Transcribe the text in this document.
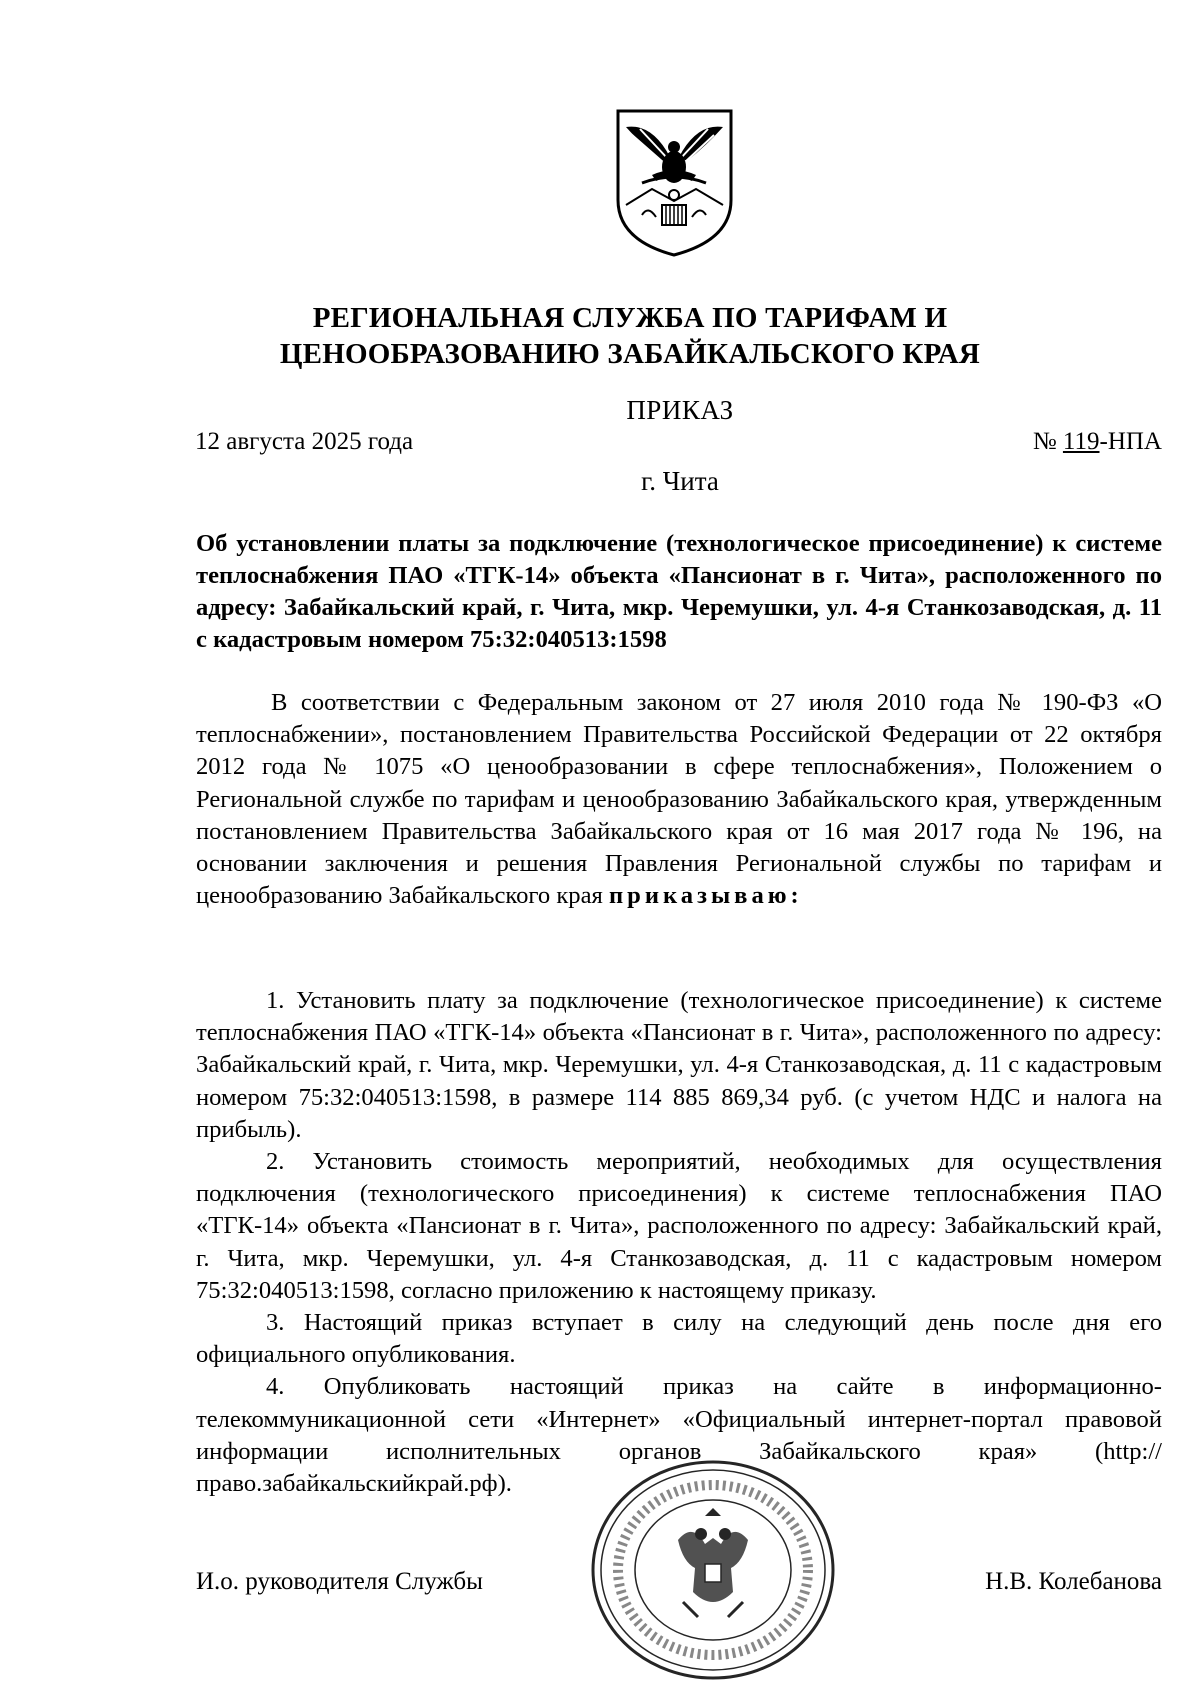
РЕГИОНАЛЬНАЯ СЛУЖБА ПО ТАРИФАМ И
ЦЕНООБРАЗОВАНИЮ ЗАБАЙКАЛЬСКОГО КРАЯ
ПРИКАЗ
12 августа 2025 года	№ 119-НПА
г. Чита
Об установлении платы за подключение (технологическое присоединение) к системе теплоснабжения ПАО «ТГК-14» объекта «Пансионат в г. Чита», расположенного по адресу: Забайкальский край, г. Чита, мкр. Черемушки, ул. 4-я Станкозаводская, д. 11 с кадастровым номером 75:32:040513:1598
В соответствии с Федеральным законом от 27 июля 2010 года № 190-ФЗ «О теплоснабжении», постановлением Правительства Российской Федерации от 22 октября 2012 года № 1075 «О ценообразовании в сфере теплоснабжения», Положением о Региональной службе по тарифам и ценообразованию Забайкальского края, утвержденным постановлением Правительства Забайкальского края от 16 мая 2017 года № 196, на основании заключения и решения Правления Региональной службы по тарифам и ценообразованию Забайкальского края приказываю:

1. Установить плату за подключение (технологическое присоединение) к системе теплоснабжения ПАО «ТГК-14» объекта «Пансионат в г. Чита», расположенного по адресу: Забайкальский край, г. Чита, мкр. Черемушки, ул. 4-я Станкозаводская, д. 11 с кадастровым номером 75:32:040513:1598, в размере 114 885 869,34 руб. (с учетом НДС и налога на прибыль).

2. Установить стоимость мероприятий, необходимых для осуществления подключения (технологического присоединения) к системе теплоснабжения ПАО «ТГК-14» объекта «Пансионат в г. Чита», расположенного по адресу: Забайкальский край, г. Чита, мкр. Черемушки, ул. 4-я Станкозаводская, д. 11 с кадастровым номером 75:32:040513:1598, согласно приложению к настоящему приказу.

3. Настоящий приказ вступает в силу на следующий день после дня его официального опубликования.

4. Опубликовать настоящий приказ на сайте в информационно-телекоммуникационной сети «Интернет» «Официальный интернет-портал правовой информации исполнительных органов Забайкальского края» (http://право.забайкальскийкрай.рф).

И.о. руководителя Службы	Н.В. Колебанова
